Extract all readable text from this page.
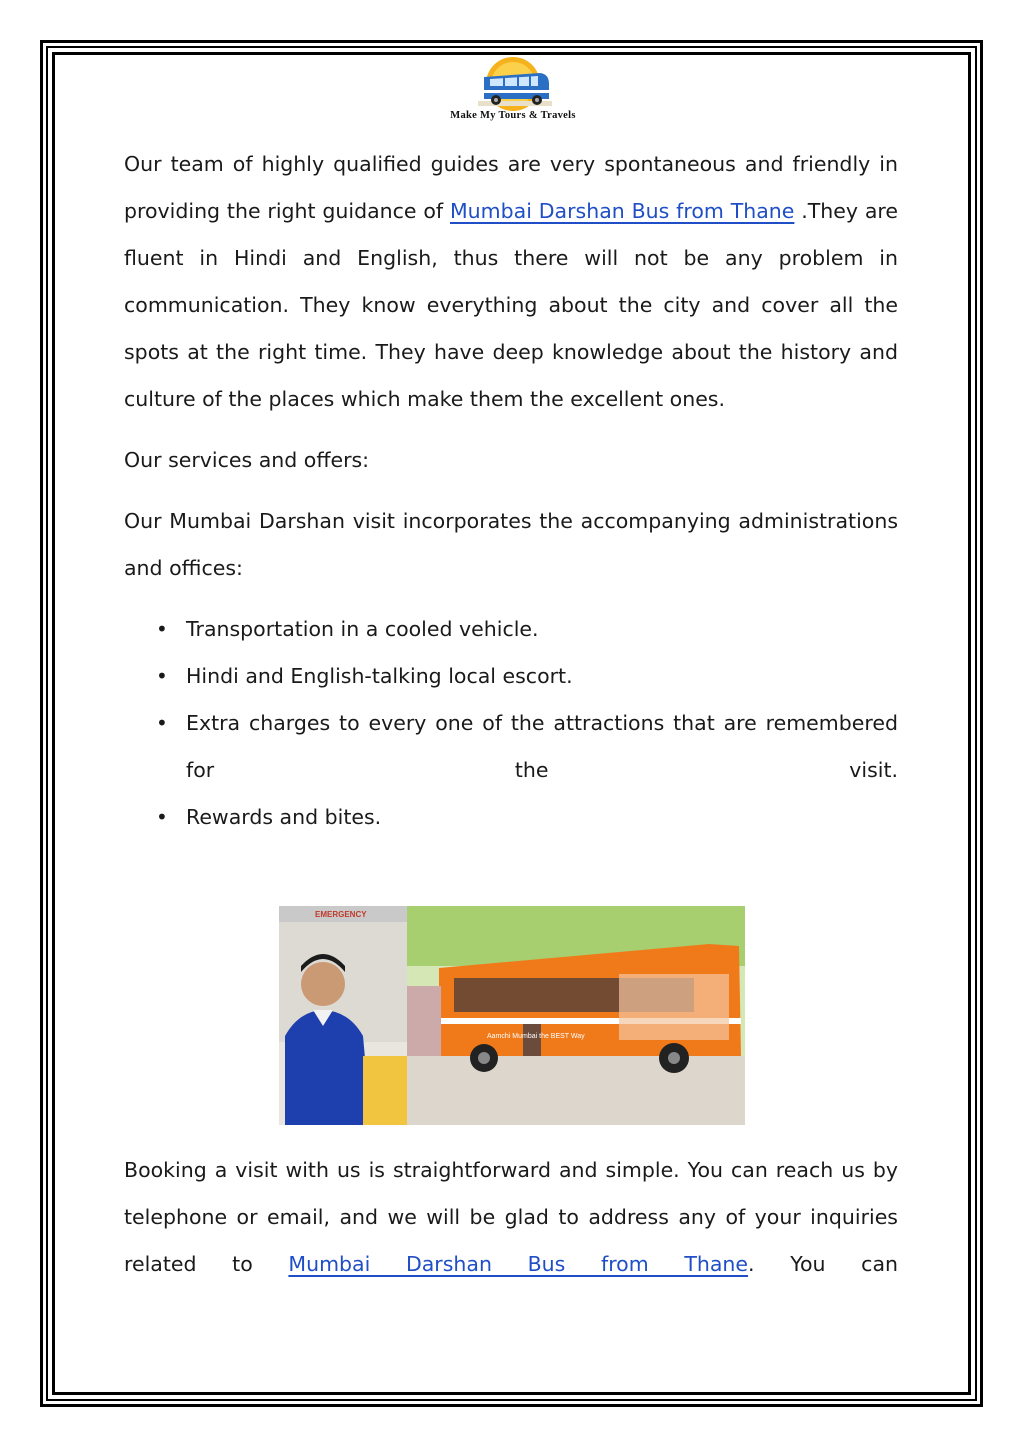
Make My Tours & Travels

Our team of highly qualified guides are very spontaneous and friendly in providing the right guidance of Mumbai Darshan Bus from Thane .They are fluent in Hindi and English, thus there will not be any problem in communication. They know everything about the city and cover all the spots at the right time. They have deep knowledge about the history and culture of the places which make them the excellent ones.

Our services and offers:

Our Mumbai Darshan visit incorporates the accompanying administrations and offices:

• Transportation in a cooled vehicle.
• Hindi and English-talking local escort.
• Extra charges to every one of the attractions that are remembered for the visit.
• Rewards and bites.
EMERGENCY
Aamchi Mumbai the BEST Way

Booking a visit with us is straightforward and simple. You can reach us by telephone or email, and we will be glad to address any of your inquiries related to Mumbai Darshan Bus from Thane. You can
